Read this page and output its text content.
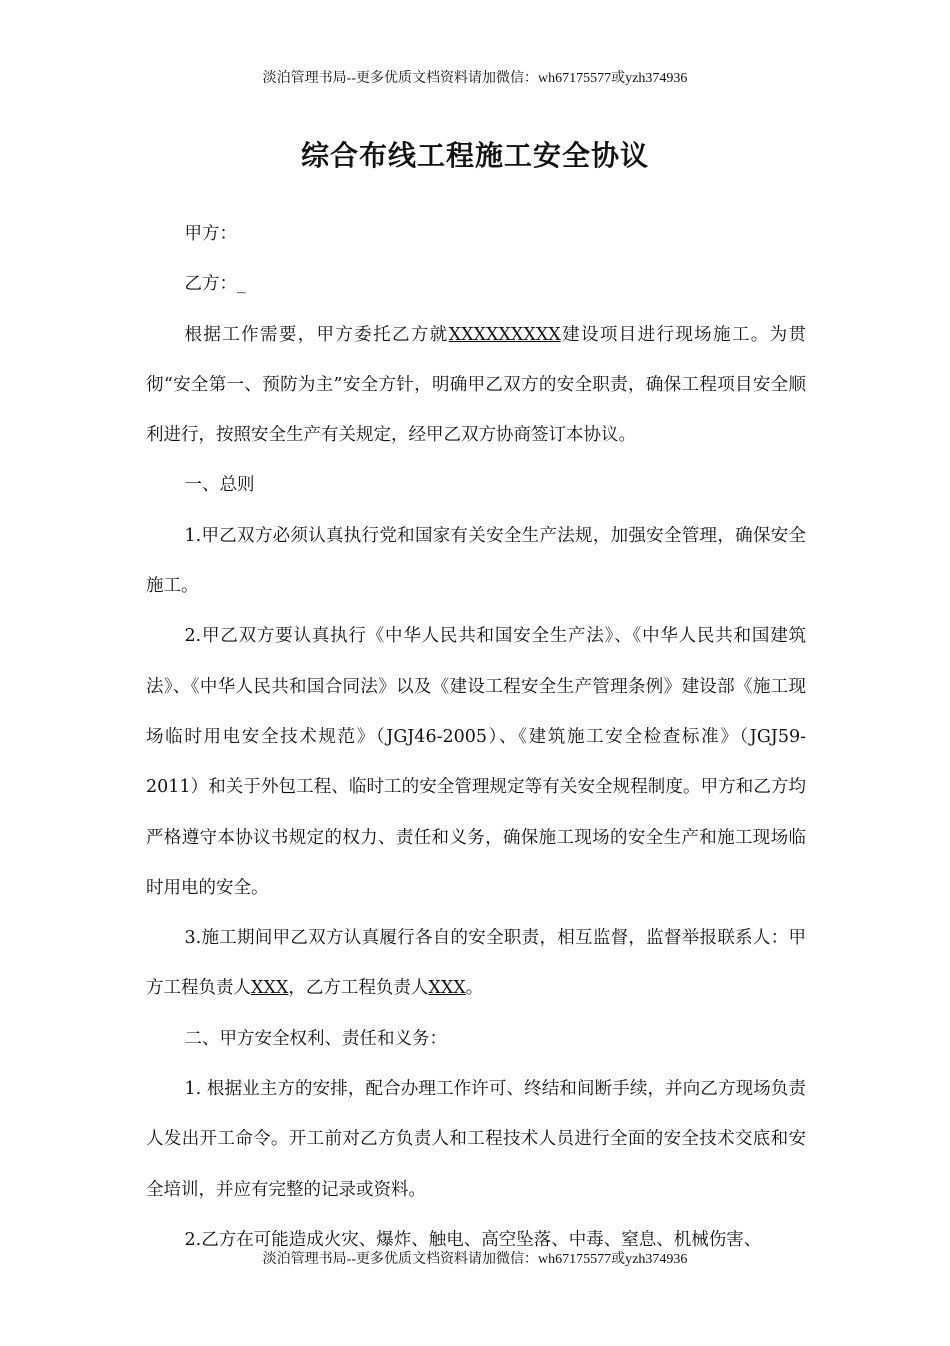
淡泊管理书局--更多优质文档资料请加微信：wh67175577或yzh374936
综合布线工程施工安全协议

甲方：

乙方：_

根据工作需要，甲方委托乙方就XXXXXXXXX建设项目进行现场施工。为贯彻“安全第一、预防为主”安全方针，明确甲乙双方的安全职责，确保工程项目安全顺利进行，按照安全生产有关规定，经甲乙双方协商签订本协议。

一、总则

1.甲乙双方必须认真执行党和国家有关安全生产法规，加强安全管理，确保安全施工。

2.甲乙双方要认真执行《中华人民共和国安全生产法》、《中华人民共和国建筑法》、《中华人民共和国合同法》以及《建设工程安全生产管理条例》建设部《施工现场临时用电安全技术规范》（JGJ46-2005）、《建筑施工安全检查标准》（JGJ59-2011）和关于外包工程、临时工的安全管理规定等有关安全规程制度。甲方和乙方均严格遵守本协议书规定的权力、责任和义务，确保施工现场的安全生产和施工现场临时用电的安全。

3.施工期间甲乙双方认真履行各自的安全职责，相互监督，监督举报联系人：甲方工程负责人XXX，乙方工程负责人XXX。

二、甲方安全权利、责任和义务：

1. 根据业主方的安排，配合办理工作许可、终结和间断手续，并向乙方现场负责人发出开工命令。开工前对乙方负责人和工程技术人员进行全面的安全技术交底和安全培训，并应有完整的记录或资料。

2.乙方在可能造成火灾、爆炸、触电、高空坠落、中毒、窒息、机械伤害、

淡泊管理书局--更多优质文档资料请加微信：wh67175577或yzh374936
